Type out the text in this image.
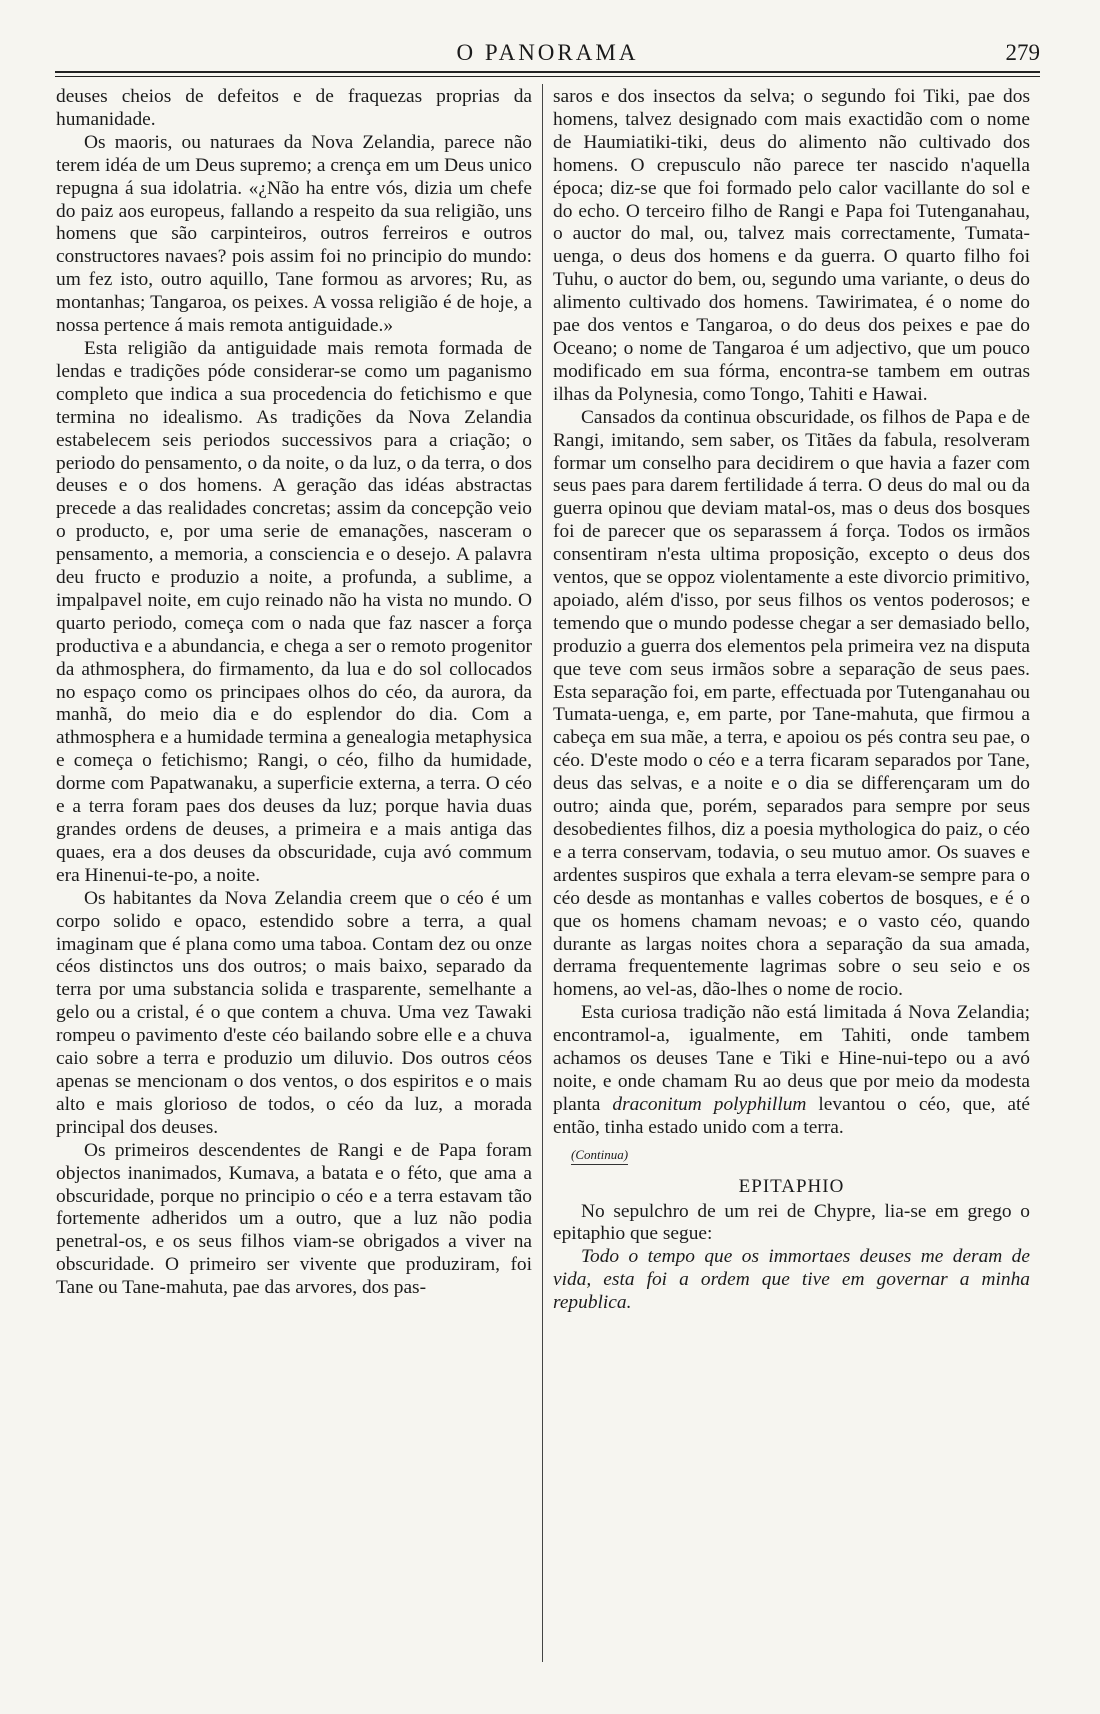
O PANORAMA	279

deuses cheios de defeitos e de fraquezas proprias da humanidade.

Os maoris, ou naturaes da Nova Zelandia, parece não terem idéa de um Deus supremo; a crença em um Deus unico repugna á sua idolatria. «¿Não ha entre vós, dizia um chefe do paiz aos europeus, fallando a respeito da sua religião, uns homens que são carpinteiros, outros ferreiros e outros constructores navaes? pois assim foi no principio do mundo: um fez isto, outro aquillo, Tane formou as arvores; Ru, as montanhas; Tangaroa, os peixes. A vossa religião é de hoje, a nossa pertence á mais remota antiguidade.»

Esta religião da antiguidade mais remota formada de lendas e tradições póde considerar-se como um paganismo completo que indica a sua procedencia do fetichismo e que termina no idealismo. As tradições da Nova Zelandia estabelecem seis periodos successivos para a criação; o periodo do pensamento, o da noite, o da luz, o da terra, o dos deuses e o dos homens. A geração das idéas abstractas precede a das realidades concretas; assim da concepção veio o producto, e, por uma serie de emanações, nasceram o pensamento, a memoria, a consciencia e o desejo. A palavra deu fructo e produzio a noite, a profunda, a sublime, a impalpavel noite, em cujo reinado não ha vista no mundo. O quarto periodo, começa com o nada que faz nascer a força productiva e a abundancia, e chega a ser o remoto progenitor da athmosphera, do firmamento, da lua e do sol collocados no espaço como os principaes olhos do céo, da aurora, da manhã, do meio dia e do esplendor do dia. Com a athmosphera e a humidade termina a genealogia metaphysica e começa o fetichismo; Rangi, o céo, filho da humidade, dorme com Papatwanaku, a superficie externa, a terra. O céo e a terra foram paes dos deuses da luz; porque havia duas grandes ordens de deuses, a primeira e a mais antiga das quaes, era a dos deuses da obscuridade, cuja avó commum era Hinenui-te-po, a noite.

Os habitantes da Nova Zelandia creem que o céo é um corpo solido e opaco, estendido sobre a terra, a qual imaginam que é plana como uma taboa. Contam dez ou onze céos distinctos uns dos outros; o mais baixo, separado da terra por uma substancia solida e trasparente, semelhante a gelo ou a cristal, é o que contem a chuva. Uma vez Tawaki rompeu o pavimento d'este céo bailando sobre elle e a chuva caio sobre a terra e produzio um diluvio. Dos outros céos apenas se mencionam o dos ventos, o dos espiritos e o mais alto e mais glorioso de todos, o céo da luz, a morada principal dos deuses.

Os primeiros descendentes de Rangi e de Papa foram objectos inanimados, Kumava, a batata e o féto, que ama a obscuridade, porque no principio o céo e a terra estavam tão fortemente adheridos um a outro, que a luz não podia penetral-os, e os seus filhos viam-se obrigados a viver na obscuridade. O primeiro ser vivente que produziram, foi Tane ou Tane-mahuta, pae das arvores, dos pas-

saros e dos insectos da selva; o segundo foi Tiki, pae dos homens, talvez designado com mais exactidão com o nome de Haumiatiki-tiki, deus do alimento não cultivado dos homens. O crepusculo não parece ter nascido n'aquella época; diz-se que foi formado pelo calor vacillante do sol e do echo. O terceiro filho de Rangi e Papa foi Tutenganahau, o auctor do mal, ou, talvez mais correctamente, Tumata-uenga, o deus dos homens e da guerra. O quarto filho foi Tuhu, o auctor do bem, ou, segundo uma variante, o deus do alimento cultivado dos homens. Tawirimatea, é o nome do pae dos ventos e Tangaroa, o do deus dos peixes e pae do Oceano; o nome de Tangaroa é um adjectivo, que um pouco modificado em sua fórma, encontra-se tambem em outras ilhas da Polynesia, como Tongo, Tahiti e Hawai.

Cansados da continua obscuridade, os filhos de Papa e de Rangi, imitando, sem saber, os Titães da fabula, resolveram formar um conselho para decidirem o que havia a fazer com seus paes para darem fertilidade á terra. O deus do mal ou da guerra opinou que deviam matal-os, mas o deus dos bosques foi de parecer que os separassem á força. Todos os irmãos consentiram n'esta ultima proposição, excepto o deus dos ventos, que se oppoz violentamente a este divorcio primitivo, apoiado, além d'isso, por seus filhos os ventos poderosos; e temendo que o mundo podesse chegar a ser demasiado bello, produzio a guerra dos elementos pela primeira vez na disputa que teve com seus irmãos sobre a separação de seus paes. Esta separação foi, em parte, effectuada por Tutenganahau ou Tumata-uenga, e, em parte, por Tane-mahuta, que firmou a cabeça em sua mãe, a terra, e apoiou os pés contra seu pae, o céo. D'este modo o céo e a terra ficaram separados por Tane, deus das selvas, e a noite e o dia se differençaram um do outro; ainda que, porém, separados para sempre por seus desobedientes filhos, diz a poesia mythologica do paiz, o céo e a terra conservam, todavia, o seu mutuo amor. Os suaves e ardentes suspiros que exhala a terra elevam-se sempre para o céo desde as montanhas e valles cobertos de bosques, e é o que os homens chamam nevoas; e o vasto céo, quando durante as largas noites chora a separação da sua amada, derrama frequentemente lagrimas sobre o seu seio e os homens, ao vel-as, dão-lhes o nome de rocio.

Esta curiosa tradição não está limitada á Nova Zelandia; encontramol-a, igualmente, em Tahiti, onde tambem achamos os deuses Tane e Tiki e Hine-nui-tepo ou a avó noite, e onde chamam Ru ao deus que por meio da modesta planta draconitum polyphillum levantou o céo, que, até então, tinha estado unido com a terra.

(Continua)

EPITAPHIO

No sepulchro de um rei de Chypre, lia-se em grego o epitaphio que segue:

Todo o tempo que os immortaes deuses me deram de vida, esta foi a ordem que tive em governar a minha republica.
